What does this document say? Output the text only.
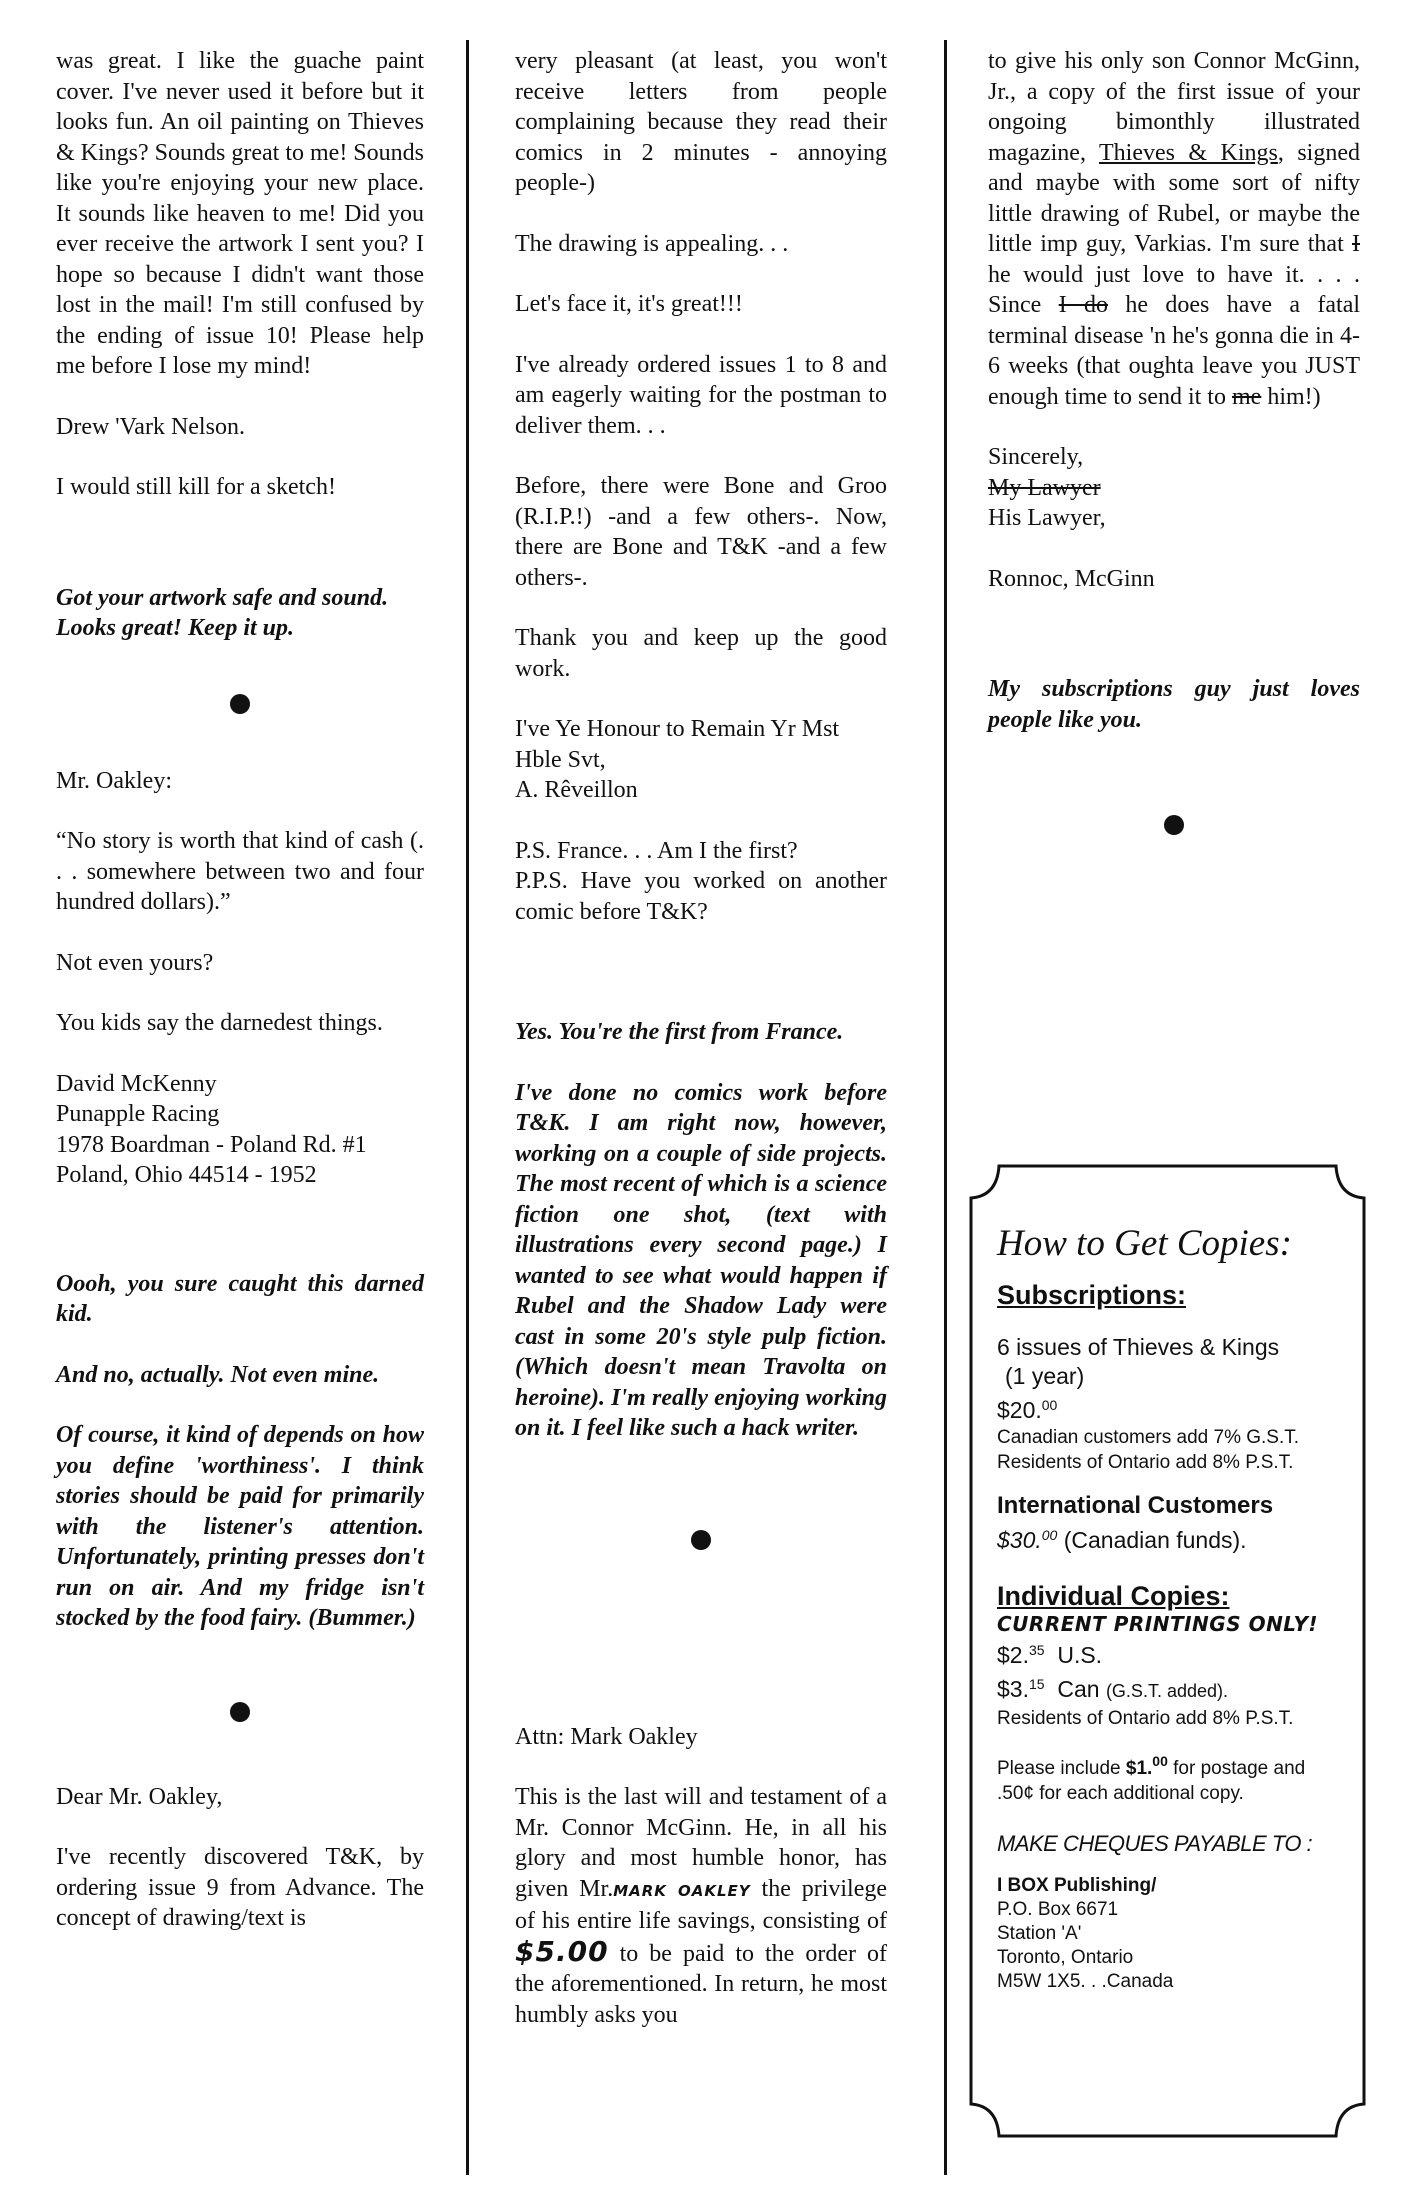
was great. I like the guache paint cover. I've never used it before but it looks fun. An oil painting on Thieves & Kings? Sounds great to me! Sounds like you're enjoying your new place. It sounds like heaven to me! Did you ever receive the artwork I sent you? I hope so because I didn't want those lost in the mail! I'm still confused by the ending of issue 10! Please help me before I lose my mind!

Drew 'Vark Nelson.

I would still kill for a sketch!

Got your artwork safe and sound. Looks great! Keep it up.

Mr. Oakley:

“No story is worth that kind of cash (. . . somewhere between two and four hundred dollars).”

Not even yours?

You kids say the darnedest things.

David McKenny

Punapple Racing

1978 Boardman - Poland Rd. #1

Poland, Ohio 44514 - 1952

Oooh, you sure caught this darned kid.

And no, actually. Not even mine.

Of course, it kind of depends on how you define 'worthiness'. I think stories should be paid for primarily with the listener's attention. Unfortunately, printing presses don't run on air. And my fridge isn't stocked by the food fairy. (Bummer.)

Dear Mr. Oakley,

I've recently discovered T&K, by ordering issue 9 from Advance. The concept of drawing/text is

very pleasant (at least, you won't receive letters from people complaining because they read their comics in 2 minutes - annoying people-)

The drawing is appealing. . .

Let's face it, it's great!!!

I've already ordered issues 1 to 8 and am eagerly waiting for the postman to deliver them. . .

Before, there were Bone and Groo (R.I.P.!) -and a few others-. Now, there are Bone and T&K -and a few others-.

Thank you and keep up the good work.

I've Ye Honour to Remain Yr Mst Hble Svt,

A. Rêveillon

P.S. France. . . Am I the first?

P.P.S. Have you worked on another comic before T&K?

Yes. You're the first from France.

I've done no comics work before T&K. I am right now, however, working on a couple of side projects. The most recent of which is a science fiction one shot, (text with illustrations every second page.) I wanted to see what would happen if Rubel and the Shadow Lady were cast in some 20's style pulp fiction. (Which doesn't mean Travolta on heroine). I'm really enjoying working on it. I feel like such a hack writer.

Attn: Mark Oakley

This is the last will and testament of a Mr. Connor McGinn. He, in all his glory and most humble honor, has given Mr.MARK OAKLEY the privilege of his entire life savings, consisting of $5.00 to be paid to the order of the aforementioned. In return, he most humbly asks you

to give his only son Connor McGinn, Jr., a copy of the first issue of your ongoing bimonthly illustrated magazine, Thieves & Kings, signed and maybe with some sort of nifty little drawing of Rubel, or maybe the little imp guy, Varkias. I'm sure that I he would just love to have it. . . . Since I do he does have a fatal terminal disease 'n he's gonna die in 4-6 weeks (that oughta leave you JUST enough time to send it to me him!)

Sincerely,

My Lawyer

His Lawyer,

Ronnoc, McGinn

My subscriptions guy just loves people like you.

How to Get Copies:

Subscriptions:

6 issues of Thieves & Kings

(1 year)

$20.00

Canadian customers add 7% G.S.T.

Residents of Ontario add 8% P.S.T.

International Customers

$30.00 (Canadian funds).

Individual Copies:

CURRENT PRINTINGS ONLY!

$2.35 U.S.

$3.15 Can (G.S.T. added).

Residents of Ontario add 8% P.S.T.

Please include $1.00 for postage and

.50¢ for each additional copy.

MAKE CHEQUES PAYABLE TO :

I BOX Publishing/

P.O. Box 6671

Station 'A'

Toronto, Ontario

M5W 1X5. . .Canada
